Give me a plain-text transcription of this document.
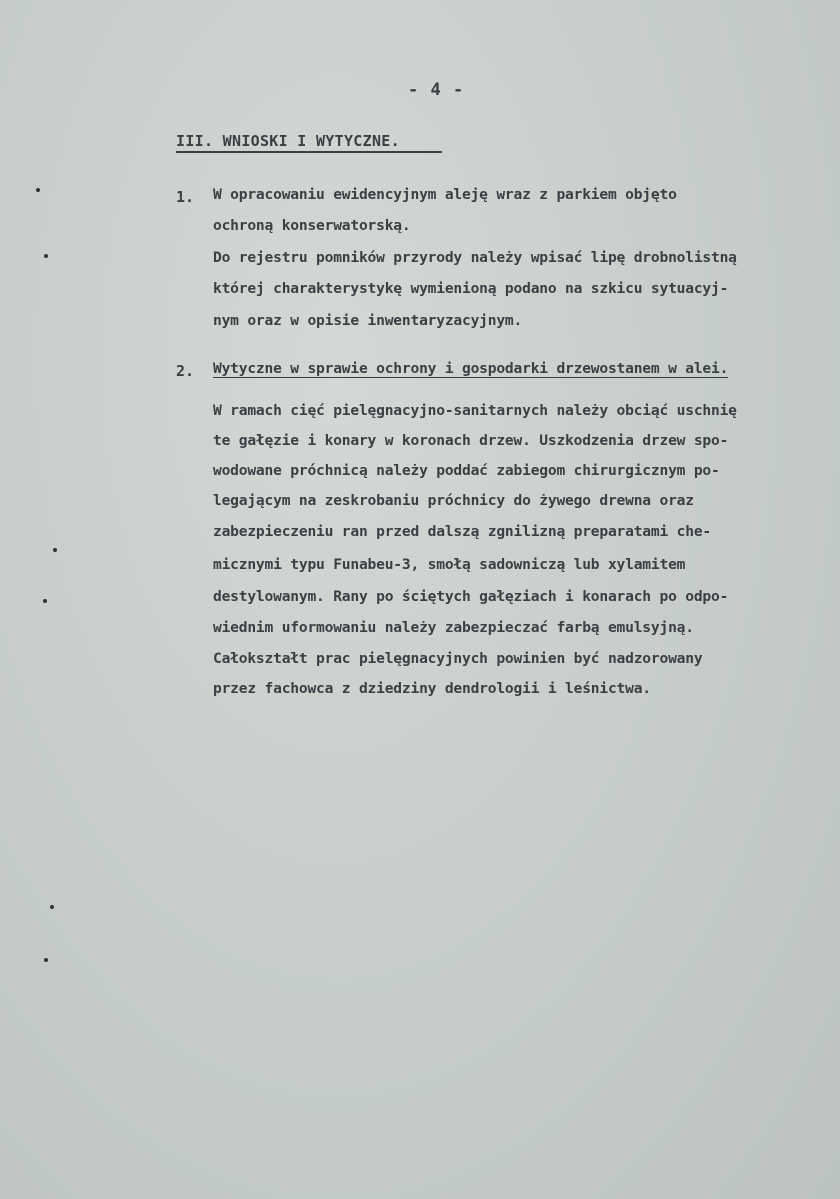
- 4 -
III. WNIOSKI I WYTYCZNE.
1. W opracowaniu ewidencyjnym aleję wraz z parkiem objęto
ochroną konserwatorską.
Do rejestru pomników przyrody należy wpisać lipę drobnolistną
której charakterystykę wymienioną podano na szkicu sytuacyj-
nym oraz w opisie inwentaryzacyjnym.
2. Wytyczne w sprawie ochrony i gospodarki drzewostanem w alei.
W ramach cięć pielęgnacyjno-sanitarnych należy obciąć uschnię
te gałęzie i konary w koronach drzew. Uszkodzenia drzew spo-
wodowane próchnicą należy poddać zabiegom chirurgicznym po-
legającym na zeskrobaniu próchnicy do żywego drewna oraz
zabezpieczeniu ran przed dalszą zgnilizną preparatami che-
micznymi typu Funabeu-3, smołą sadowniczą lub xylamitem
destylowanym. Rany po ściętych gałęziach i konarach po odpo-
wiednim uformowaniu należy zabezpieczać farbą emulsyjną.
Całokształt prac pielęgnacyjnych powinien być nadzorowany
przez fachowca z dziedziny dendrologii i leśnictwa.
